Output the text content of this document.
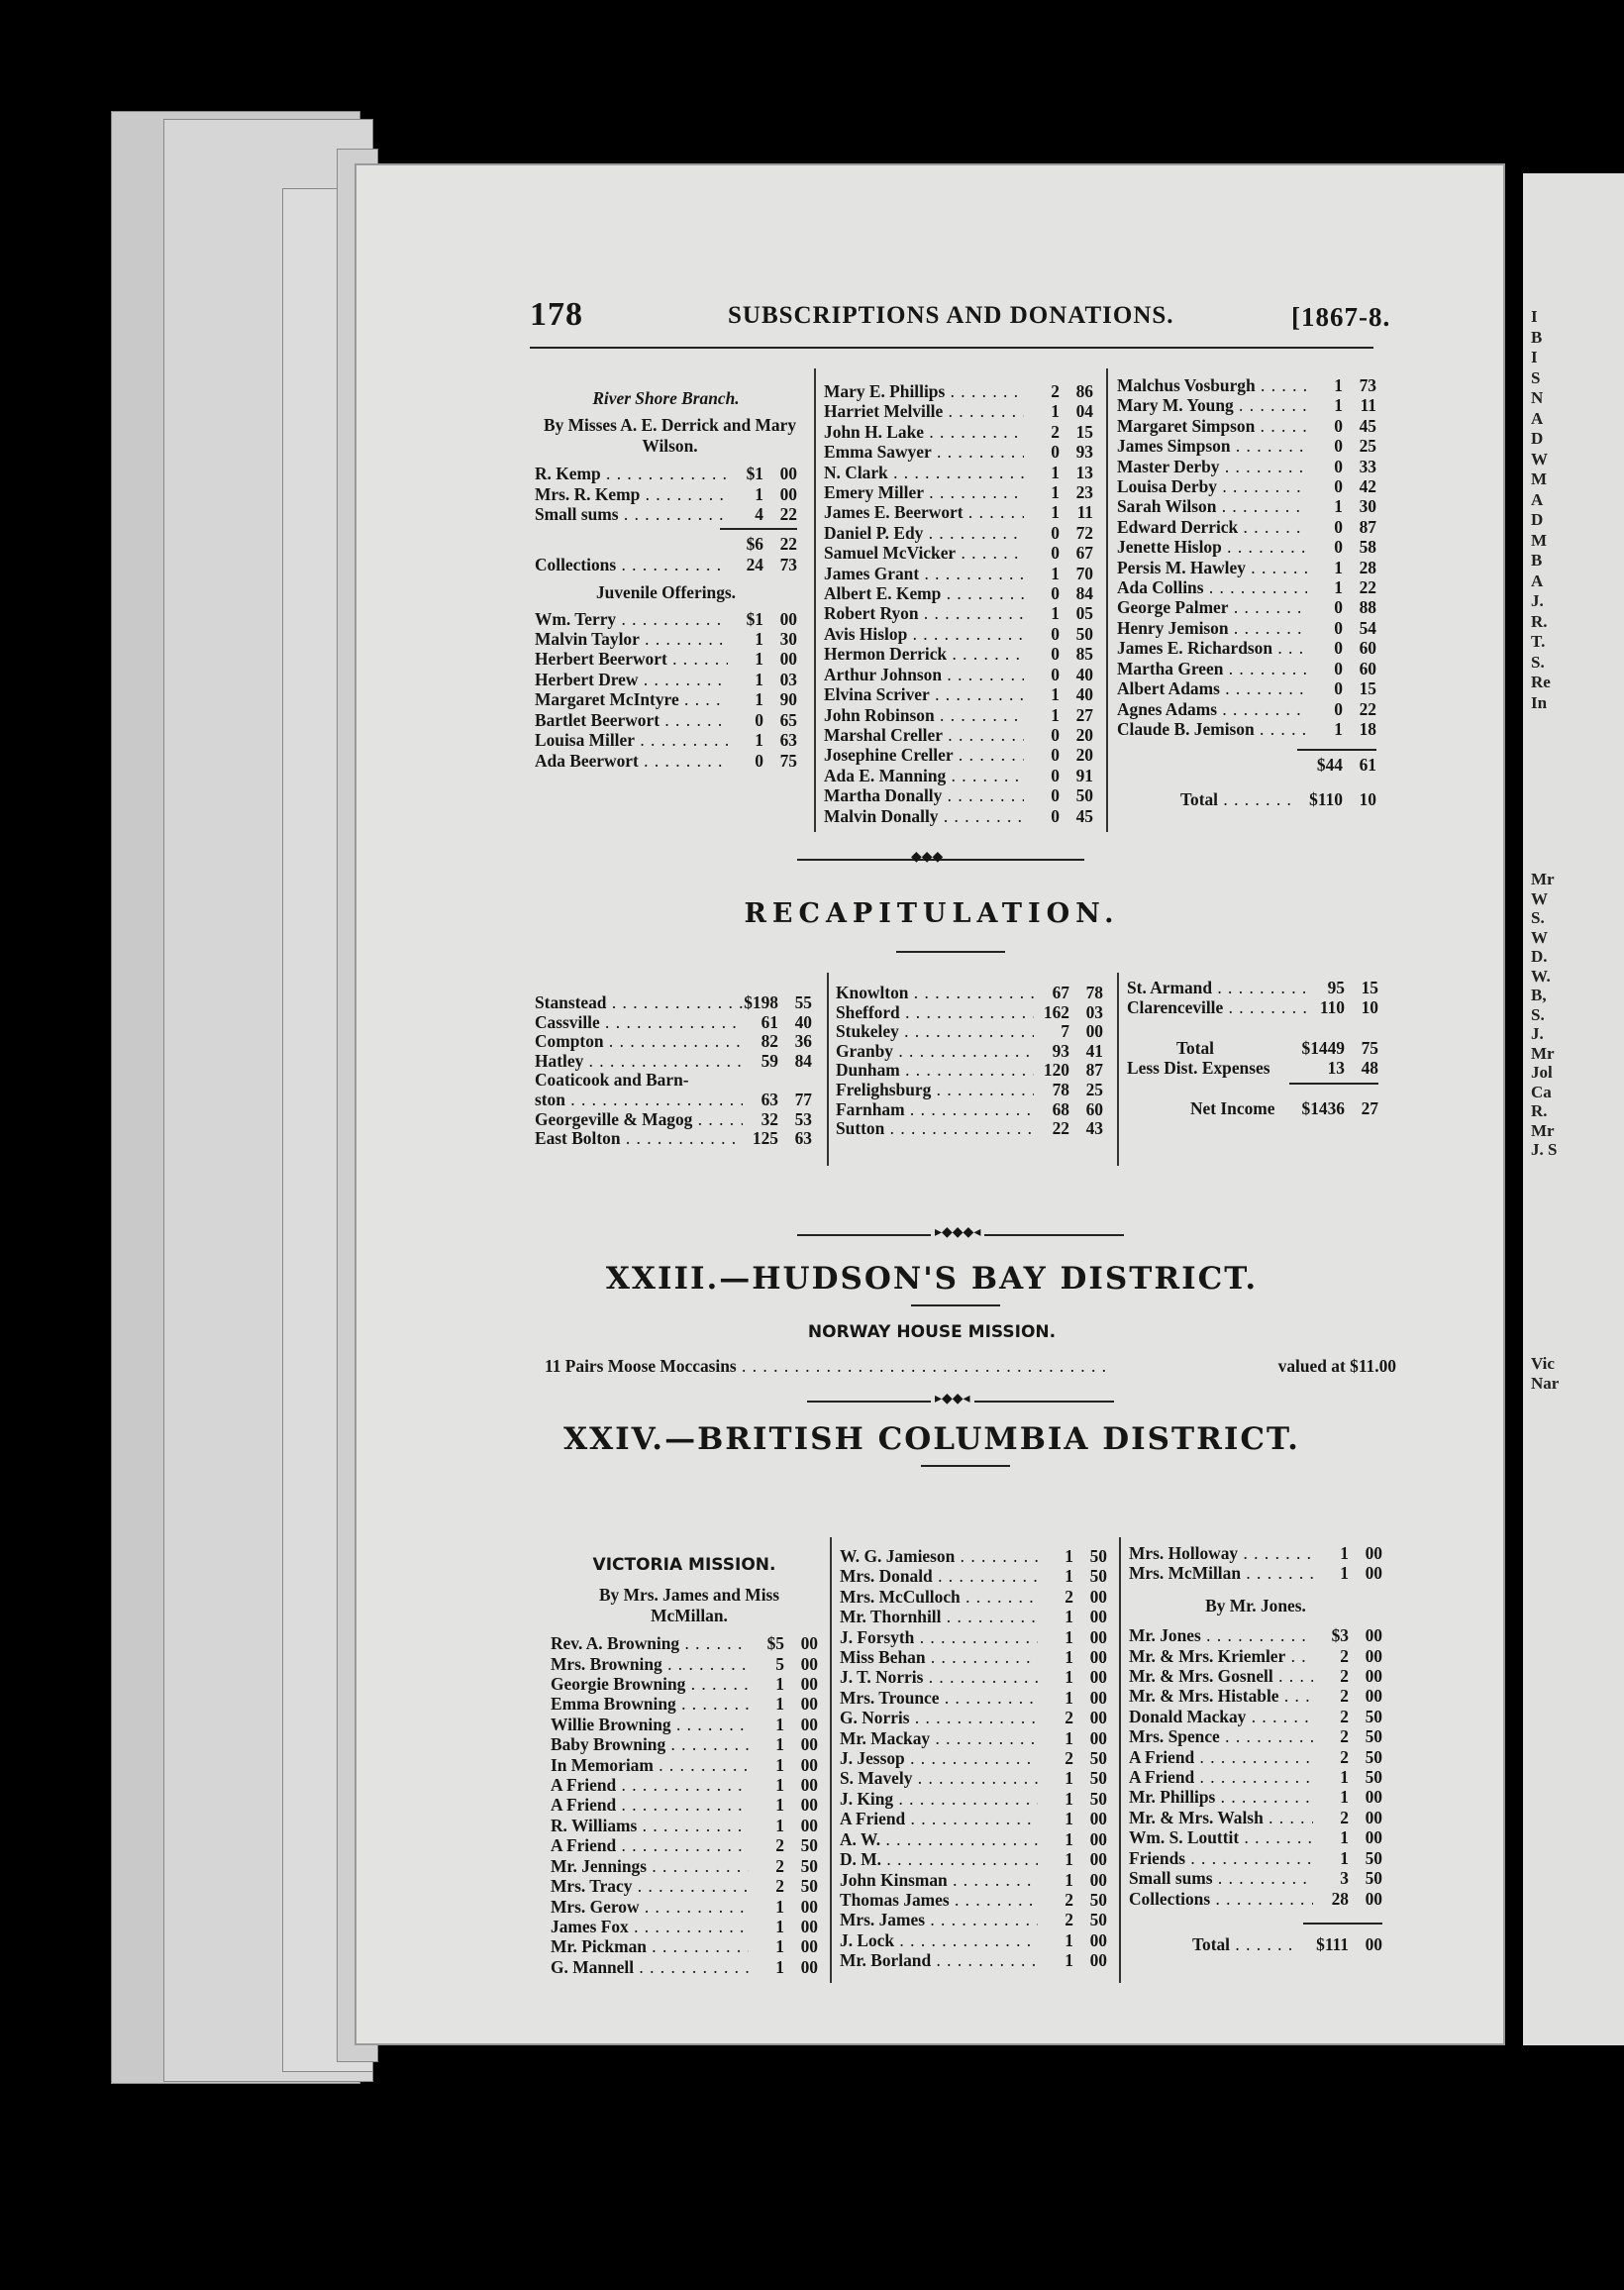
I
B
I
S
N
A
D
W
M
A
D
M
B
A
J.
R.
T.
S.
Re
In
Mr
W
S.
W
D.
W.
B,
S.
J.
Mr
Jol
Ca
R.
Mr
J. S
Vic
Nar
178	SUBSCRIPTIONS AND DONATIONS.	[1867-8.
River Shore Branch.
By Misses A. E. Derrick and Mary Wilson.
R. Kemp . . .	$1 00
Mrs. R. Kemp . . .	1 00
Small sums . . .	4 22
$6 22
Collections . . .	24 73
Juvenile Offerings.
Wm. Terry . . .	$1 00
Malvin Taylor . . .	1 30
Herbert Beerwort . . .	1 00
Herbert Drew . . .	1 03
Margaret McIntyre . . .	1 90
Bartlet Beerwort . . .	0 65
Louisa Miller . . .	1 63
Ada Beerwort . . .	0 75
Mary E. Phillips . . .	2 86
Harriet Melville . . .	1 04
John H. Lake . . .	2 15
Emma Sawyer . . .	0 93
N. Clark . . .	1 13
Emery Miller . . .	1 23
James E. Beerwort . . .	1	11
Daniel P. Edy . . .	0 72
Samuel McVicker . . .	0 67
James Grant . . .	1 70
Albert E. Kemp . . .	0 84
Robert Ryon . . .	1 05
Avis Hislop . . .	0 50
Hermon Derrick . . .	0 85
Arthur Johnson . . .	0 40
Elvina Scriver . . .	1 40
John Robinson . . .	1 27
Marshal Creller . . .	0 20
Josephine Creller . . .	0 20
Ada E. Manning . . .	0 91
Martha Donally . . .	0 50
Malvin Donally . . .	0 45
Malchus Vosburgh . . .	1 73
Mary M. Young . . .	1	11
Margaret Simpson . . .	0 45
James Simpson . . .	0 25
Master Derby . . .	0 33
Louisa Derby . . .	0 42
Sarah Wilson . . .	1 30
Edward Derrick . . .	0 87
Jenette Hislop . . .	0 58
Persis M. Hawley . . .	1 28
Ada Collins . . .	1 22
George Palmer . . .	0 88
Henry Jemison . . .	0 54
James E. Richardson . . .	0 60
Martha Green . . .	0 60
Albert Adams . . .	0 15
Agnes Adams . . .	0 22
Claude B. Jemison . . .	1 18
$44 61
Total . . .	$110 10
◆◆◆
RECAPITULATION.
Stanstead . . .	$198 55
Cassville . . .	61 40
Compton . . .	82 36
Hatley . . .	59 84
Coaticook and Barn-
ston . . .	63 77
Georgeville & Magog . . .	32 53
East Bolton . . .	125 63
Knowlton . . .	67 78
Shefford . . .	162 03
Stukeley . . .	7 00
Granby . . .	93 41
Dunham . . .	120 87
Frelighsburg . . .	78 25
Farnham . . .	68 60
Sutton . . .	22 43
St. Armand . . .	95 15
Clarenceville . . .	110 10
Total	$1449 75
Less Dist. Expenses	13 48
Net Income	$1436 27
▸◆◆◆◂
XXIII.—HUDSON'S BAY DISTRICT.
NORWAY HOUSE MISSION.
11 Pairs Moose Moccasins . . .	valued at $11.00
▸◆◆◂
XXIV.—BRITISH COLUMBIA DISTRICT.
VICTORIA MISSION.
By Mrs. James and Miss McMillan.
Rev. A. Browning . . .	$5 00
Mrs. Browning . . .	5 00
Georgie Browning . . .	1 00
Emma Browning . . .	1 00
Willie Browning . . .	1 00
Baby Browning . . .	1 00
In Memoriam . . .	1 00
A Friend . . .	1 00
A Friend . . .	1 00
R. Williams . . .	1 00
A Friend . . .	2 50
Mr. Jennings . . .	2 50
Mrs. Tracy . . .	2 50
Mrs. Gerow . . .	1 00
James Fox . . .	1 00
Mr. Pickman . . .	1 00
G. Mannell . . .	1 00
W. G. Jamieson . . .	1 50
Mrs. Donald . . .	1 50
Mrs. McCulloch . . .	2 00
Mr. Thornhill . . .	1 00
J. Forsyth . . .	1 00
Miss Behan . . .	1 00
J. T. Norris . . .	1 00
Mrs. Trounce . . .	1 00
G. Norris . . .	2 00
Mr. Mackay . . .	1 00
J. Jessop . . .	2 50
S. Mavely . . .	1 50
J. King . . .	1 50
A Friend . . .	1 00
A. W. . . .	1 00
D. M. . . .	1 00
John Kinsman . . .	1 00
Thomas James . . .	2 50
Mrs. James . . .	2 50
J. Lock . . .	1 00
Mr. Borland . . .	1 00
Mrs. Holloway . . .	1 00
Mrs. McMillan . . .	1 00
By Mr. Jones.
Mr. Jones . . .	$3 00
Mr. & Mrs. Kriemler . . .	2 00
Mr. & Mrs. Gosnell . . .	2 00
Mr. & Mrs. Histable . . .	2 00
Donald Mackay . . .	2 50
Mrs. Spence . . .	2 50
A Friend . . .	2 50
A Friend . . .	1 50
Mr. Phillips . . .	1 00
Mr. & Mrs. Walsh . . .	2 00
Wm. S. Louttit . . .	1 00
Friends . . .	1 50
Small sums . . .	3 50
Collections . . .	28 00
Total . . .	$111 00
